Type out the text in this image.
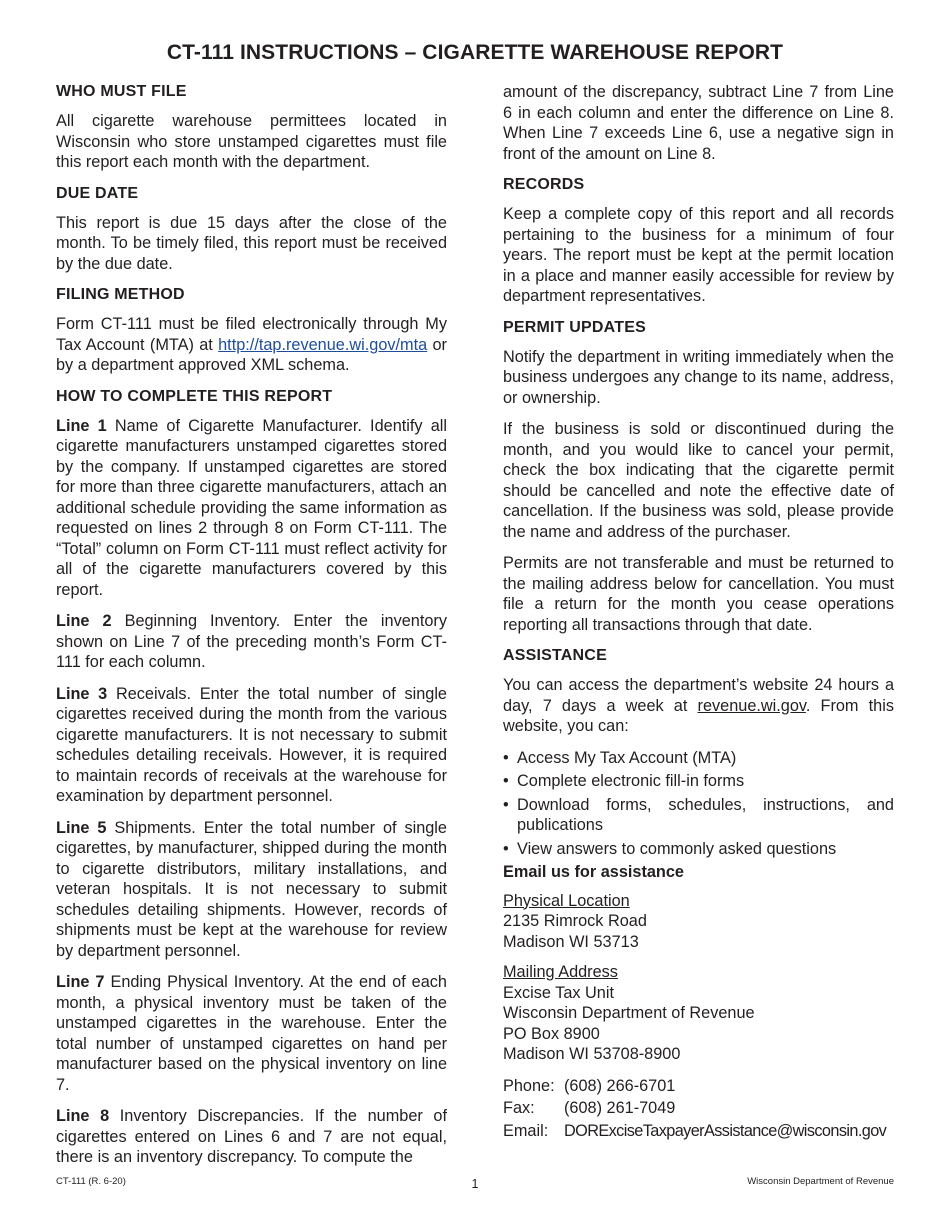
CT-111 INSTRUCTIONS – CIGARETTE WAREHOUSE REPORT
WHO MUST FILE

All cigarette warehouse permittees located in Wisconsin who store unstamped cigarettes must file this report each month with the department.

DUE DATE

This report is due 15 days after the close of the month. To be timely filed, this report must be received by the due date.

FILING METHOD

Form CT-111 must be filed electronically through My Tax Account (MTA) at http://tap.revenue.wi.gov/mta or by a department approved XML schema.

HOW TO COMPLETE THIS REPORT

Line 1 Name of Cigarette Manufacturer. Identify all cigarette manufacturers unstamped cigarettes stored by the company. If unstamped cigarettes are stored for more than three cigarette manufacturers, attach an additional schedule providing the same information as requested on lines 2 through 8 on Form CT-111. The “Total” column on Form CT-111 must reflect activity for all of the cigarette manufacturers covered by this report.

Line 2 Beginning Inventory. Enter the inventory shown on Line 7 of the preceding month’s Form CT-111 for each column.

Line 3 Receivals. Enter the total number of single cigarettes received during the month from the various cigarette manufacturers. It is not necessary to submit schedules detailing receivals. However, it is required to maintain records of receivals at the warehouse for examination by department personnel.

Line 5 Shipments. Enter the total number of single cigarettes, by manufacturer, shipped during the month to cigarette distributors, military installations, and veteran hospitals. It is not necessary to submit schedules detailing shipments. However, records of shipments must be kept at the warehouse for review by department personnel.

Line 7 Ending Physical Inventory. At the end of each month, a physical inventory must be taken of the unstamped cigarettes in the warehouse. Enter the total number of unstamped cigarettes on hand per manufacturer based on the physical inventory on line 7.

Line 8 Inventory Discrepancies. If the number of cigarettes entered on Lines 6 and 7 are not equal, there is an inventory discrepancy. To compute the

amount of the discrepancy, subtract Line 7 from Line 6 in each column and enter the difference on Line 8. When Line 7 exceeds Line 6, use a negative sign in front of the amount on Line 8.

RECORDS

Keep a complete copy of this report and all records pertaining to the business for a minimum of four years. The report must be kept at the permit location in a place and manner easily accessible for review by department representatives.

PERMIT UPDATES

Notify the department in writing immediately when the business undergoes any change to its name, address, or ownership.

If the business is sold or discontinued during the month, and you would like to cancel your permit, check the box indicating that the cigarette permit should be cancelled and note the effective date of cancellation. If the business was sold, please provide the name and address of the purchaser.

Permits are not transferable and must be returned to the mailing address below for cancellation. You must file a return for the month you cease operations reporting all transactions through that date.

ASSISTANCE

You can access the department’s website 24 hours a day, 7 days a week at revenue.wi.gov. From this website, you can:

• Access My Tax Account (MTA)
• Complete electronic fill-in forms
• Download forms, schedules, instructions, and publications
• View answers to commonly asked questions
Email us for assistance
Physical Location
2135 Rimrock Road
Madison WI 53713
Mailing Address
Excise Tax Unit
Wisconsin Department of Revenue
PO Box 8900
Madison WI 53708-8900
Phone: (608) 266-6701
Fax: (608) 261-7049
Email: DORExciseTaxpayerAssistance@wisconsin.gov
CT-111 (R. 6-20)	1	Wisconsin Department of Revenue
